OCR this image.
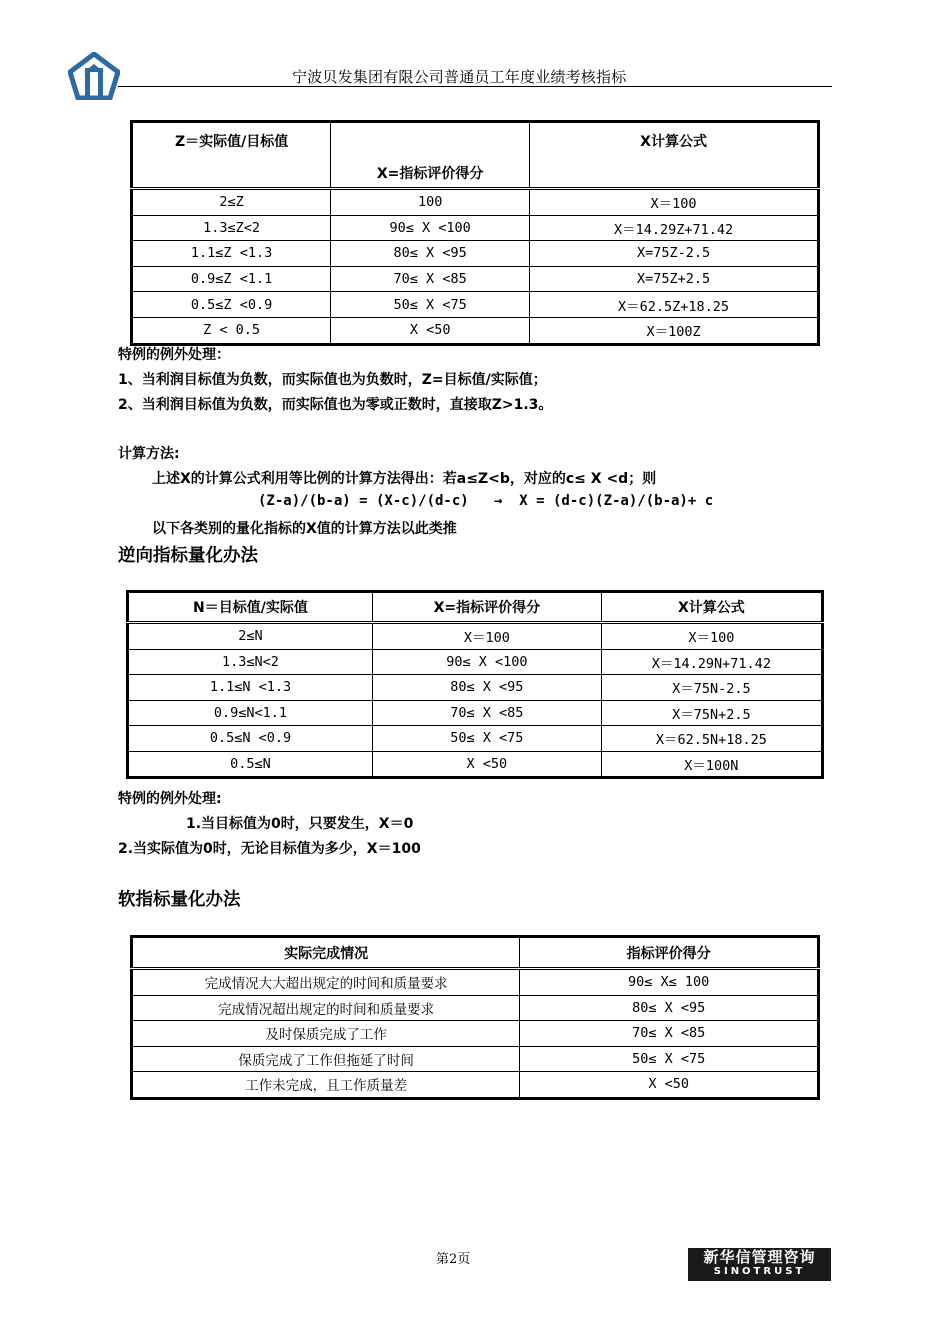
宁波贝发集团有限公司普通员工年度业绩考核指标
Z＝实际值/目标值	X=指标评价得分	X计算公式
2≤Z	100	X＝100
1.3≤Z<2	90≤ X <100	X＝14.29Z+71.42
1.1≤Z <1.3	80≤ X <95	X=75Z-2.5
0.9≤Z <1.1	70≤ X <85	X=75Z+2.5
0.5≤Z <0.9	50≤ X <75	X＝62.5Z+18.25
Z < 0.5	X <50	X＝100Z
特例的例外处理：
1、当利润目标值为负数，而实际值也为负数时，Z=目标值/实际值；
2、当利润目标值为负数，而实际值也为零或正数时，直接取Z>1.3。
计算方法:
上述X的计算公式利用等比例的计算方法得出：若a≤Z<b，对应的c≤ X <d；则
(Z-a)/(b-a) = (X-c)/(d-c)   →  X = (d-c)(Z-a)/(b-a)+ c
以下各类别的量化指标的X值的计算方法以此类推
逆向指标量化办法
N＝目标值/实际值	X=指标评价得分	X计算公式
2≤N	X＝100	X＝100
1.3≤N<2	90≤ X <100	X＝14.29N+71.42
1.1≤N <1.3	80≤ X <95	X＝75N-2.5
0.9≤N<1.1	70≤ X <85	X＝75N+2.5
0.5≤N <0.9	50≤ X <75	X＝62.5N+18.25
0.5≤N	X <50	X＝100N
特例的例外处理:
1.当目标值为0时，只要发生，X＝0
2.当实际值为0时，无论目标值为多少，X＝100
软指标量化办法
实际完成情况	指标评价得分
完成情况大大超出规定的时间和质量要求	90≤ X≤ 100
完成情况超出规定的时间和质量要求	80≤ X <95
及时保质完成了工作	70≤ X <85
保质完成了工作但拖延了时间	50≤ X <75
工作未完成，且工作质量差	X <50
第2页	新华信管理咨询
SINOTRUST
